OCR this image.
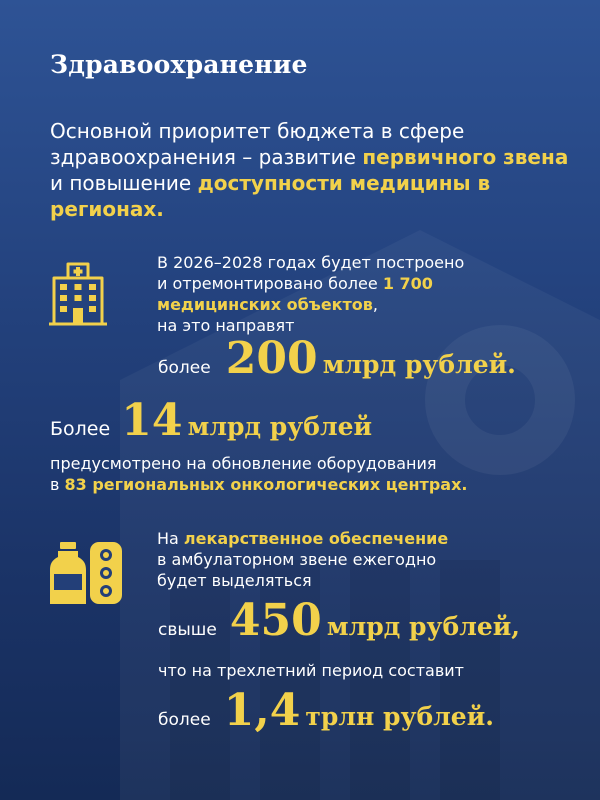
Здравоохранение

Основной приоритет бюджета в сфере здравоохранения – развитие первичного звена и повышение доступности медицины в регионах.

В 2026–2028 годах будет построено
и отремонтировано более 1 700
медицинских объектов,
на это направят
более 200 млрд рублей.
Более 14 млрд рублей
предусмотрено на обновление оборудования
в 83 региональных онкологических центрах.
На лекарственное обеспечение
в амбулаторном звене ежегодно
будет выделяться
свыше 450 млрд рублей,
что на трехлетний период составит
более 1,4 трлн рублей.
